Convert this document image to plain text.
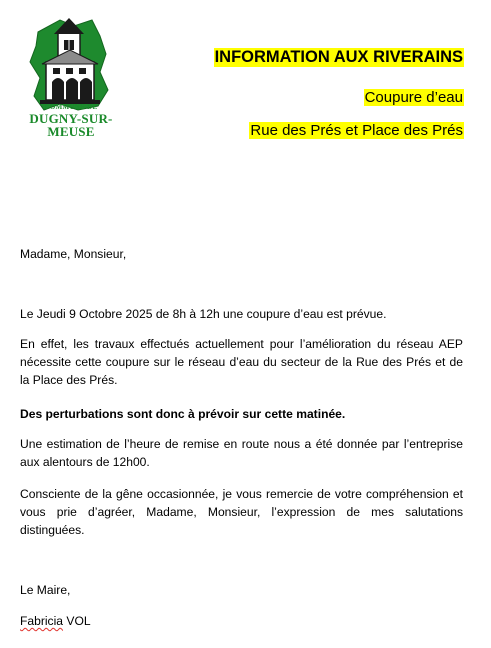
COMMUNE DE
DUGNY-SUR-MEUSE
INFORMATION AUX RIVERAINS
Coupure d’eau
Rue des Prés et Place des Prés

Madame, Monsieur,

Le Jeudi 9 Octobre 2025 de 8h à 12h une coupure d’eau est prévue.

En effet, les travaux effectués actuellement pour l’amélioration du réseau AEP nécessite cette coupure sur le réseau d’eau du secteur de la Rue des Prés et de la Place des Prés.

Des perturbations sont donc à prévoir sur cette matinée.

Une estimation de l’heure de remise en route nous a été donnée par l’entreprise aux alentours de 12h00.

Consciente de la gêne occasionnée, je vous remercie de votre compréhension et vous prie d’agréer, Madame, Monsieur, l’expression de mes salutations distinguées.

Le Maire,

Fabricia VOL
